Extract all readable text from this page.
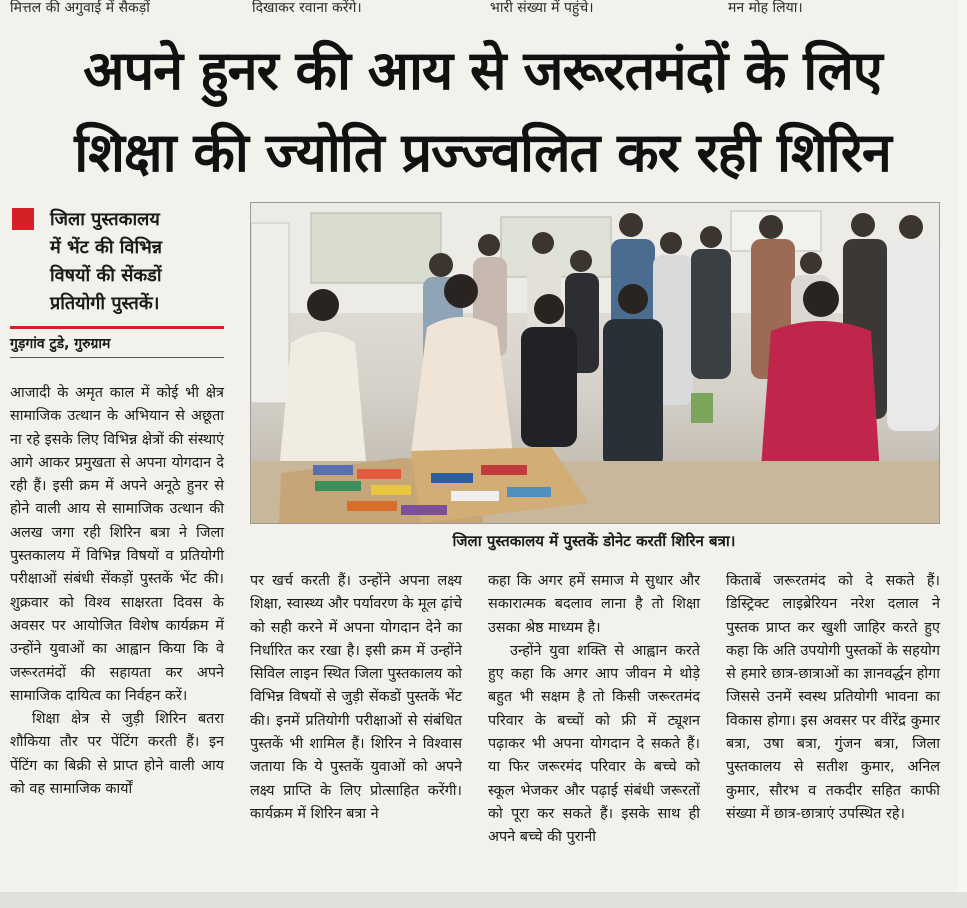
मित्तल की अगुवाई में सैकड़ों	दिखाकर रवाना करेंगे।	भारी संख्या में पहुंचे।	मन मोह लिया।
अपने हुनर की आय से जरूरतमंदों के लिए
शिक्षा की ज्योति प्रज्ज्वलित कर रही शिरिन
जिला पुस्तकालय
में भेंट की विभिन्न
विषयों की सेंकडों
प्रतियोगी पुस्तकें।
गुड़गांव टुडे, गुरुग्राम

आजादी के अमृत काल में कोई भी क्षेत्र सामाजिक उत्थान के अभियान से अछूता ना रहे इसके लिए विभिन्न क्षेत्रों की संस्थाएं आगे आकर प्रमुखता से अपना योगदान दे रही हैं। इसी क्रम में अपने अनूठे हुनर से होने वाली आय से सामाजिक उत्थान की अलख जगा रही शिरिन बत्रा ने जिला पुस्तकालय में विभिन्न विषयों व प्रतियोगी परीक्षाओं संबंधी सेंकड़ों पुस्तकें भेंट की। शुक्रवार को विश्व साक्षरता दिवस के अवसर पर आयोजित विशेष कार्यक्रम में उन्होंने युवाओं का आह्वान किया कि वे जरूरतमंदों की सहायता कर अपने सामाजिक दायित्व का निर्वहन करें।

शिक्षा क्षेत्र से जुड़ी शिरिन बतरा शौकिया तौर पर पेंटिंग करती हैं। इन पेंटिंग का बिक्री से प्राप्त होने वाली आय को वह सामाजिक कार्यों

जिला पुस्तकालय में पुस्तकें डोनेट करतीं शिरिन बत्रा।

पर खर्च करती हैं। उन्होंने अपना लक्ष्य शिक्षा, स्वास्थ्य और पर्यावरण के मूल ढ़ांचे को सही करने में अपना योगदान देने का निर्धारित कर रखा है। इसी क्रम में उन्होंने सिविल लाइन स्थित जिला पुस्तकालय को विभिन्न विषयों से जुड़ी सेंकडों पुस्तकें भेंट की। इनमें प्रतियोगी परीक्षाओं से संबंधित पुस्तकें भी शामिल हैं। शिरिन ने विश्वास जताया कि ये पुस्तकें युवाओं को अपने लक्ष्य प्राप्ति के लिए प्रोत्साहित करेंगी। कार्यक्रम में शिरिन बत्रा ने

कहा कि अगर हमें समाज मे सुधार और सकारात्मक बदलाव लाना है तो शिक्षा उसका श्रेष्ठ माध्यम है।

उन्होंने युवा शक्ति से आह्वान करते हुए कहा कि अगर आप जीवन मे थोड़े बहुत भी सक्षम है तो किसी जरूरतमंद परिवार के बच्चों को फ्री में ट्यूशन पढ़ाकर भी अपना योगदान दे सकते हैं। या फिर जरूरमंद परिवार के बच्चे को स्कूल भेजकर और पढ़ाई संबंधी जरूरतों को पूरा कर सकते हैं। इसके साथ ही अपने बच्चे की पुरानी

किताबें जरूरतमंद को दे सकते हैं। डिस्ट्रिक्ट लाइब्रेरियन नरेश दलाल ने पुस्तक प्राप्त कर खुशी जाहिर करते हुए कहा कि अति उपयोगी पुस्तकों के सहयोग से हमारे छात्र-छात्राओं का ज्ञानवर्द्धन होगा जिससे उनमें स्वस्थ प्रतियोगी भावना का विकास होगा। इस अवसर पर वीरेंद्र कुमार बत्रा, उषा बत्रा, गुंजन बत्रा, जिला पुस्तकालय से सतीश कुमार, अनिल कुमार, सौरभ व तकदीर सहित काफी संख्या में छात्र-छात्राएं उपस्थित रहे।
